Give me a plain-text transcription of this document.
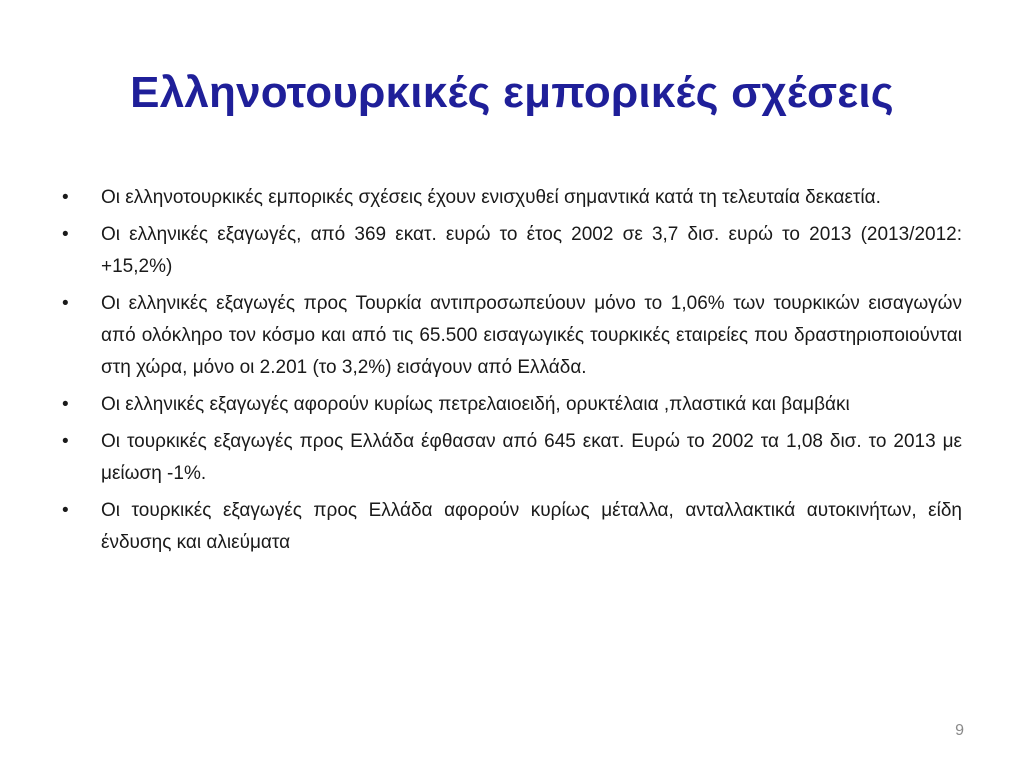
Ελληνοτουρκικές εμπορικές σχέσεις
• Οι ελληνοτουρκικές εμπορικές σχέσεις έχουν ενισχυθεί σημαντικά κατά τη τελευταία δεκαετία.
• Οι ελληνικές εξαγωγές, από 369 εκατ. ευρώ το έτος 2002 σε 3,7 δισ. ευρώ το 2013 (2013/2012: +15,2%)
• Οι ελληνικές εξαγωγές προς Τουρκία αντιπροσωπεύουν μόνο το 1,06% των τουρκικών εισαγωγών από ολόκληρο τον κόσμο και από τις 65.500 εισαγωγικές τουρκικές εταιρείες που δραστηριοποιούνται στη χώρα, μόνο οι 2.201 (το 3,2%) εισάγουν από Ελλάδα.
• Οι ελληνικές εξαγωγές αφορούν κυρίως πετρελαιοειδή, ορυκτέλαια ,πλαστικά και βαμβάκι
• Οι τουρκικές εξαγωγές προς Ελλάδα έφθασαν από 645 εκατ. Ευρώ το 2002 τα 1,08 δισ. το 2013 με μείωση -1%.
• Οι τουρκικές εξαγωγές προς Ελλάδα αφορούν κυρίως μέταλλα, ανταλλακτικά αυτοκινήτων, είδη ένδυσης και αλιεύματα
9
